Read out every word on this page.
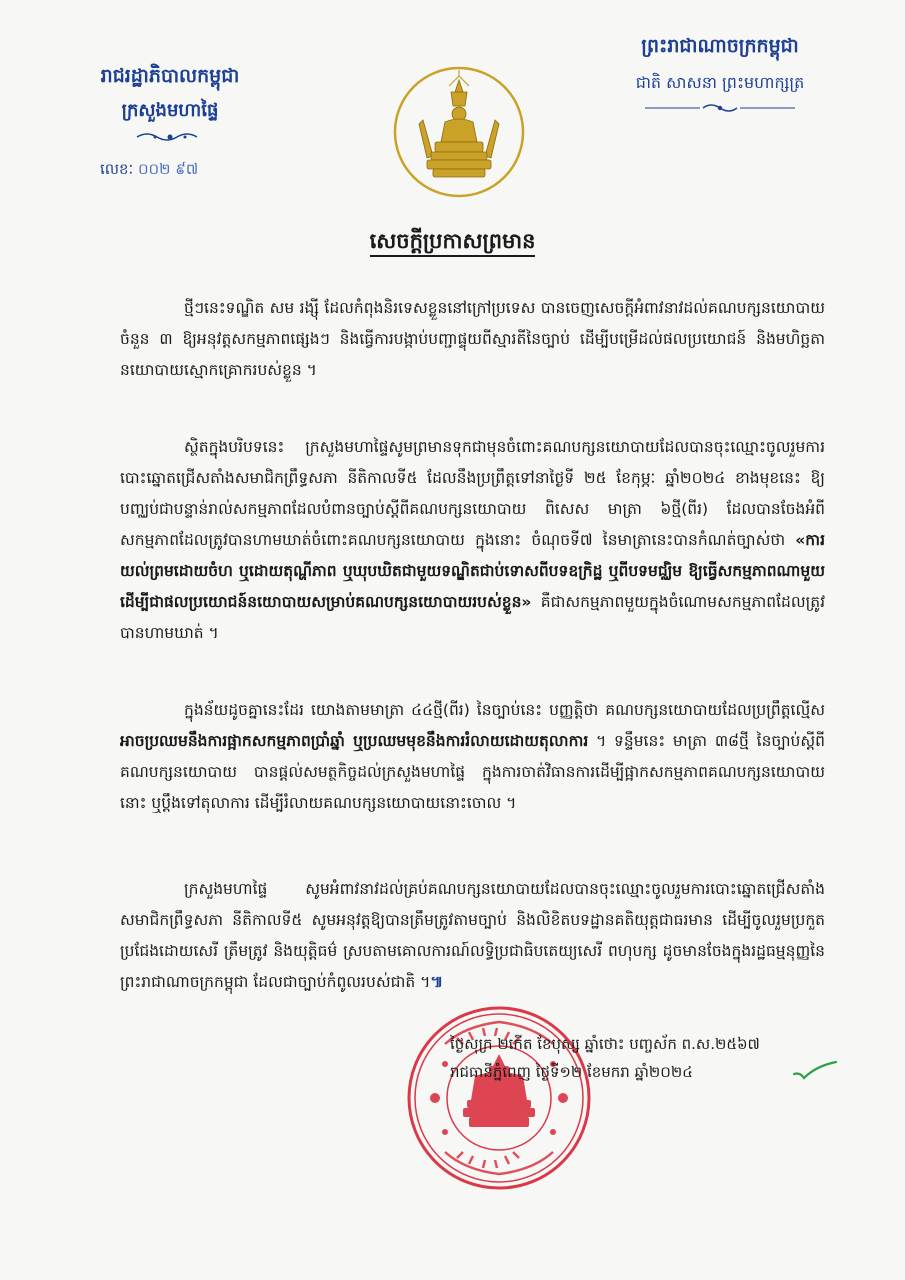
រាជរដ្ឋាភិបាលកម្ពុជា
ក្រសួងមហាផ្ទៃ
លេខៈ ០០២ ៩៧
ព្រះរាជាណាចក្រកម្ពុជា
ជាតិ សាសនា ព្រះមហាក្សត្រ
សេចក្តីប្រកាសព្រមាន
ថ្មីៗនេះទណ្ឌិត សម រង្ស៊ី ដែលកំពុងនិរទេសខ្លួននៅក្រៅប្រទេស បានចេញសេចក្តីអំពាវនាវដល់គណបក្សនយោបាយចំនួន ៣ ឱ្យអនុវត្តសកម្មភាពផ្សេងៗ និងធ្វើការបង្កាប់បញ្ជាផ្ទុយពីស្មារតីនៃច្បាប់ ដើម្បីបម្រើដល់ផលប្រយោជន៍ និងមហិច្ឆតានយោបាយស្មោកគ្រោករបស់ខ្លួន ។
ស្ថិតក្នុងបរិបទនេះ ក្រសួងមហាផ្ទៃសូមព្រមានទុកជាមុនចំពោះគណបក្សនយោបាយដែលបានចុះឈ្មោះចូលរួមការបោះឆ្នោតជ្រើសតាំងសមាជិកព្រឹទ្ធសភា នីតិកាលទី៥ ដែលនឹងប្រព្រឹត្តទៅនាថ្ងៃទី ២៥ ខែកុម្ភៈ ឆ្នាំ២០២៤ ខាងមុខនេះ ឱ្យបញ្ឈប់ជាបន្ទាន់រាល់សកម្មភាពដែលបំពានច្បាប់ស្តីពីគណបក្សនយោបាយ ពិសេស មាត្រា ៦ថ្មី(ពីរ) ដែលបានចែងអំពីសកម្មភាពដែលត្រូវបានហាមឃាត់ចំពោះគណបក្សនយោបាយ ក្នុងនោះ ចំណុចទី៧ នៃមាត្រានេះបានកំណត់ច្បាស់ថា «ការយល់ព្រមដោយចំហ ឬដោយតុណ្ហីភាព ឬឃុបឃិតជាមួយទណ្ឌិតជាប់ទោសពីបទឧក្រិដ្ឋ ឬពីបទមជ្ឈិម ឱ្យធ្វើសកម្មភាពណាមួយ ដើម្បីជាផលប្រយោជន៍នយោបាយសម្រាប់គណបក្សនយោបាយរបស់ខ្លួន» គឺជាសកម្មភាពមួយក្នុងចំណោមសកម្មភាពដែលត្រូវបានហាមឃាត់ ។
ក្នុងន័យដូចគ្នានេះដែរ យោងតាមមាត្រា ៤៤ថ្មី(ពីរ) នៃច្បាប់នេះ បញ្ញត្តិថា គណបក្សនយោបាយដែលប្រព្រឹត្តល្មើស អាចប្រឈមនឹងការផ្អាកសកម្មភាពប្រាំឆ្នាំ ឬប្រឈមមុខនឹងការរំលាយដោយតុលាការ ។ ទន្ទឹមនេះ មាត្រា ៣៨ថ្មី នៃច្បាប់ស្តីពីគណបក្សនយោបាយ បានផ្តល់សមត្ថកិច្ចដល់ក្រសួងមហាផ្ទៃ ក្នុងការចាត់វិធានការដើម្បីផ្អាកសកម្មភាពគណបក្សនយោបាយនោះ ឬប្តឹងទៅតុលាការ ដើម្បីរំលាយគណបក្សនយោបាយនោះចោល ។
ក្រសួងមហាផ្ទៃ សូមអំពាវនាវដល់គ្រប់គណបក្សនយោបាយដែលបានចុះឈ្មោះចូលរួមការបោះឆ្នោតជ្រើសតាំងសមាជិកព្រឹទ្ធសភា នីតិកាលទី៥ សូមអនុវត្តឱ្យបានត្រឹមត្រូវតាមច្បាប់ និងលិខិតបទដ្ឋានគតិយុត្តជាធរមាន ដើម្បីចូលរួមប្រកួតប្រជែងដោយសេរី ត្រឹមត្រូវ និងយុត្តិធម៌ ស្របតាមគោលការណ៍លទ្ធិប្រជាធិបតេយ្យសេរី ពហុបក្ស ដូចមានចែងក្នុងរដ្ឋធម្មនុញ្ញនៃព្រះរាជាណាចក្រកម្ពុជា ដែលជាច្បាប់កំពូលរបស់ជាតិ ។៕
ថ្ងៃសុក្រ ២កើត ខែបុស្ស ឆ្នាំថោះ បញ្ចស័ក ព.ស.២៥៦៧
រាជធានីភ្នំពេញ ថ្ងៃទី១២ ខែមករា ឆ្នាំ២០២៤
